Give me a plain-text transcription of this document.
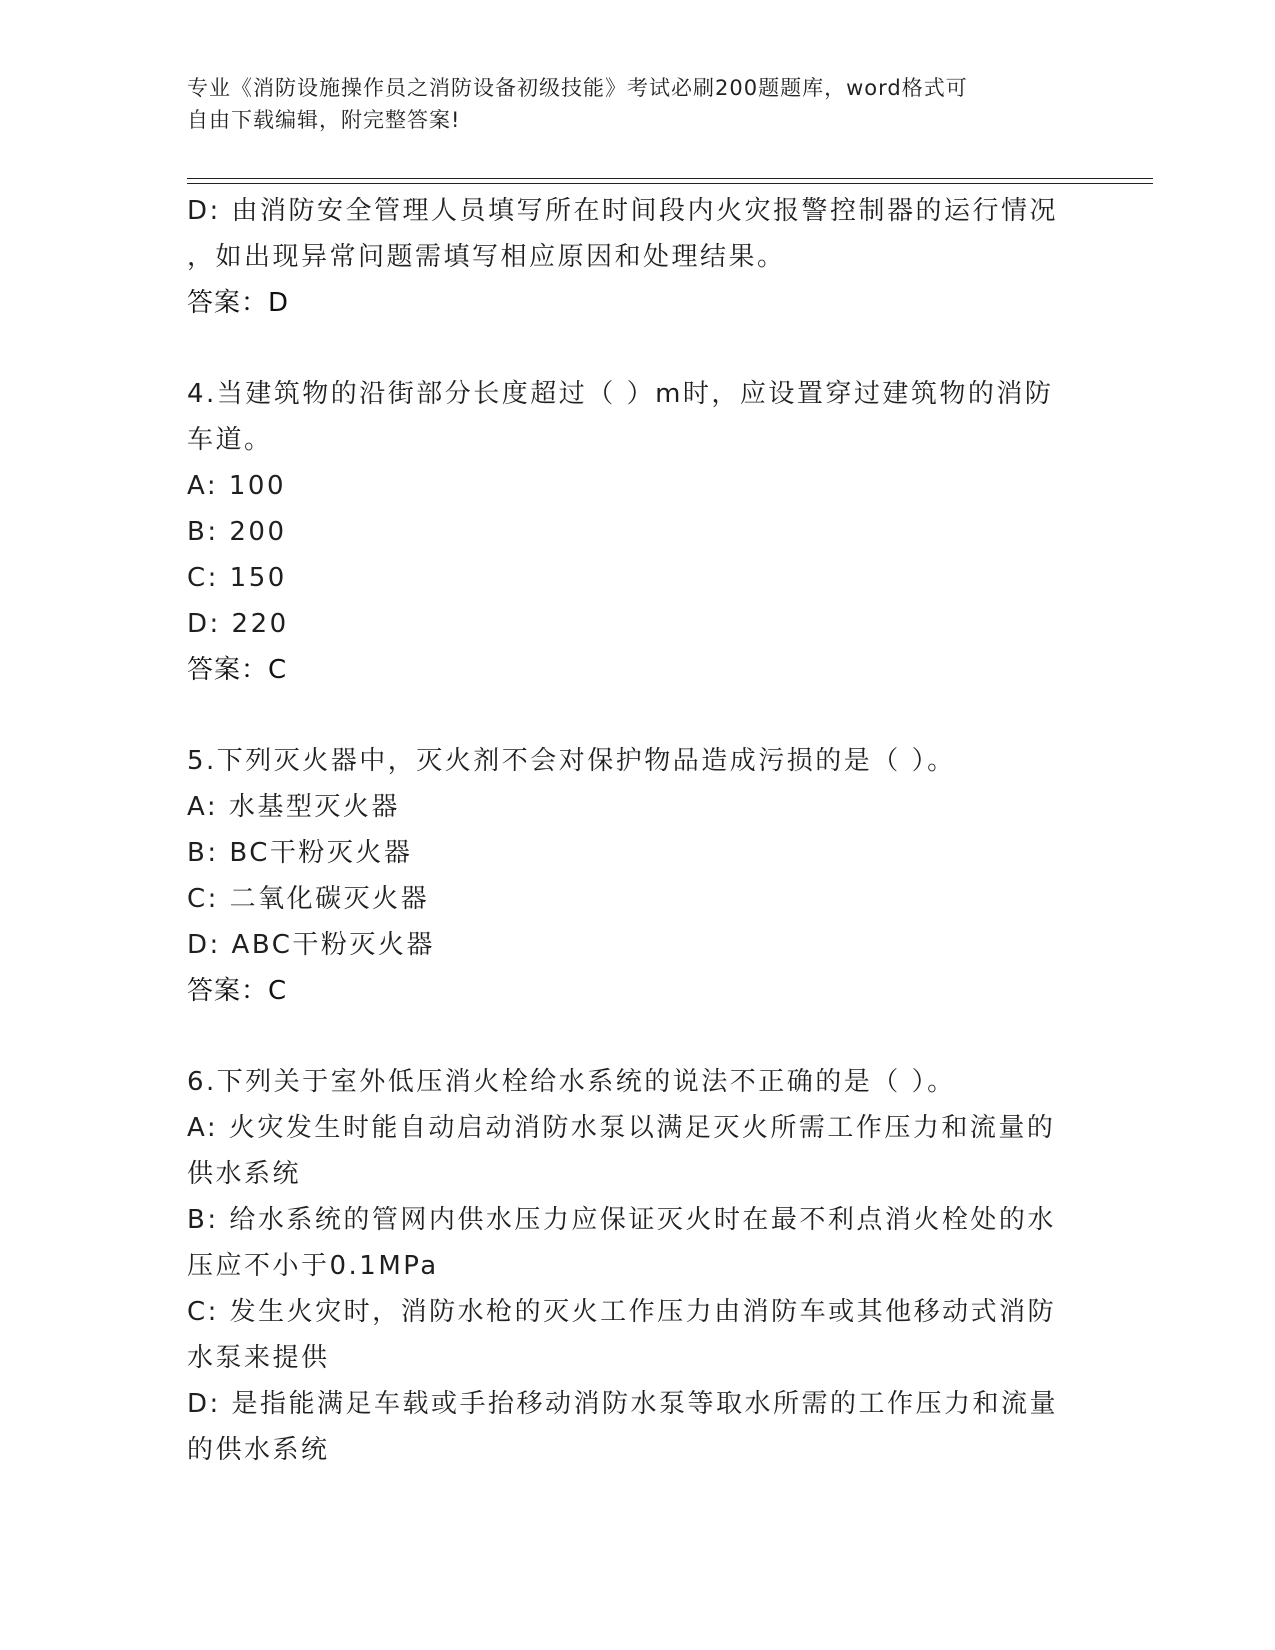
专业《消防设施操作员之消防设备初级技能》考试必刷200题题库，word格式可
自由下载编辑，附完整答案!
D: 由消防安全管理人员填写所在时间段内火灾报警控制器的运行情况
，如出现异常问题需填写相应原因和处理结果。
答案：D
4.当建筑物的沿街部分长度超过（ ）m时，应设置穿过建筑物的消防
车道。
A: 100
B: 200
C: 150
D: 220
答案：C
5.下列灭火器中，灭火剂不会对保护物品造成污损的是（ ）。
A: 水基型灭火器
B: BC干粉灭火器
C: 二氧化碳灭火器
D: ABC干粉灭火器
答案：C
6.下列关于室外低压消火栓给水系统的说法不正确的是（ ）。
A: 火灾发生时能自动启动消防水泵以满足灭火所需工作压力和流量的
供水系统
B: 给水系统的管网内供水压力应保证灭火时在最不利点消火栓处的水
压应不小于0.1MPa
C: 发生火灾时，消防水枪的灭火工作压力由消防车或其他移动式消防
水泵来提供
D: 是指能满足车载或手抬移动消防水泵等取水所需的工作压力和流量
的供水系统
